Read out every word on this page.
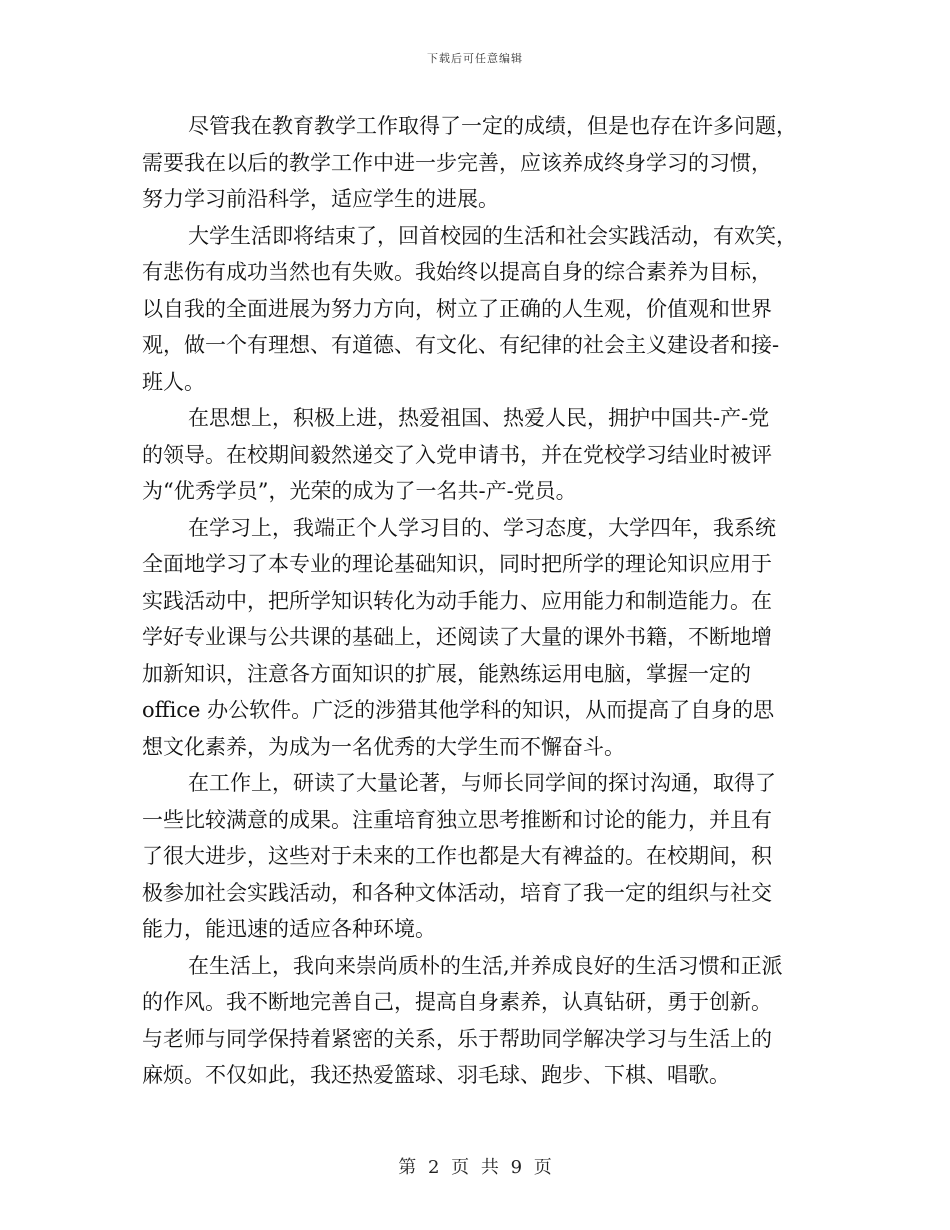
下载后可任意编辑
尽管我在教育教学工作取得了一定的成绩，但是也存在许多问题，
需要我在以后的教学工作中进一步完善，应该养成终身学习的习惯，
努力学习前沿科学，适应学生的进展。
大学生活即将结束了，回首校园的生活和社会实践活动，有欢笑，
有悲伤有成功当然也有失败。我始终以提高自身的综合素养为目标，
以自我的全面进展为努力方向，树立了正确的人生观，价值观和世界
观，做一个有理想、有道德、有文化、有纪律的社会主义建设者和接-
班人。
在思想上，积极上进，热爱祖国、热爱人民，拥护中国共-产-党
的领导。在校期间毅然递交了入党申请书，并在党校学习结业时被评
为“优秀学员”，光荣的成为了一名共-产-党员。
在学习上，我端正个人学习目的、学习态度，大学四年，我系统
全面地学习了本专业的理论基础知识，同时把所学的理论知识应用于
实践活动中，把所学知识转化为动手能力、应用能力和制造能力。在
学好专业课与公共课的基础上，还阅读了大量的课外书籍，不断地增
加新知识，注意各方面知识的扩展，能熟练运用电脑，掌握一定的
office 办公软件。广泛的涉猎其他学科的知识，从而提高了自身的思
想文化素养，为成为一名优秀的大学生而不懈奋斗。
在工作上，研读了大量论著，与师长同学间的探讨沟通，取得了
一些比较满意的成果。注重培育独立思考推断和讨论的能力，并且有
了很大进步，这些对于未来的工作也都是大有裨益的。在校期间，积
极参加社会实践活动，和各种文体活动，培育了我一定的组织与社交
能力，能迅速的适应各种环境。
在生活上，我向来崇尚质朴的生活,并养成良好的生活习惯和正派
的作风。我不断地完善自己，提高自身素养，认真钻研，勇于创新。
与老师与同学保持着紧密的关系，乐于帮助同学解决学习与生活上的
麻烦。不仅如此，我还热爱篮球、羽毛球、跑步、下棋、唱歌。
第 2 页 共 9 页
